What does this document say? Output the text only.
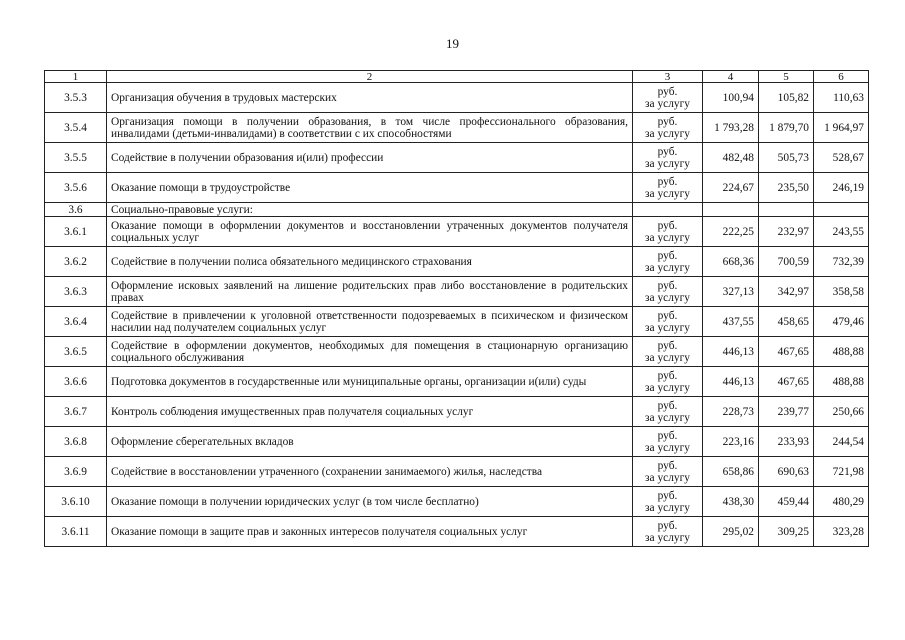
19
1	2	3	4	5	6
3.5.3	Организация обучения в трудовых мастерских	руб.
за услугу	100,94	105,82	110,63
3.5.4	Организация помощи в получении образования, в том числе профессионального образования, инвалидами (детьми-инвалидами) в соответствии с их способностями	руб.
за услугу	1 793,28	1 879,70	1 964,97
3.5.5	Содействие в получении образования и(или) профессии	руб.
за услугу	482,48	505,73	528,67
3.5.6	Оказание помощи в трудоустройстве	руб.
за услугу	224,67	235,50	246,19
3.6	Социально-правовые услуги:				
3.6.1	Оказание помощи в оформлении документов и восстановлении утраченных документов получателя социальных услуг	руб.
за услугу	222,25	232,97	243,55
3.6.2	Содействие в получении полиса обязательного медицинского страхования	руб.
за услугу	668,36	700,59	732,39
3.6.3	Оформление исковых заявлений на лишение родительских прав либо восстановление в родительских правах	руб.
за услугу	327,13	342,97	358,58
3.6.4	Содействие в привлечении к уголовной ответственности подозреваемых в психическом и физическом насилии над получателем социальных услуг	руб.
за услугу	437,55	458,65	479,46
3.6.5	Содействие в оформлении документов, необходимых для помещения в стационарную организацию социального обслуживания	руб.
за услугу	446,13	467,65	488,88
3.6.6	Подготовка документов в государственные или муниципальные органы, организации и(или) суды	руб.
за услугу	446,13	467,65	488,88
3.6.7	Контроль соблюдения имущественных прав получателя социальных услуг	руб.
за услугу	228,73	239,77	250,66
3.6.8	Оформление сберегательных вкладов	руб.
за услугу	223,16	233,93	244,54
3.6.9	Содействие в восстановлении утраченного (сохранении занимаемого) жилья, наследства	руб.
за услугу	658,86	690,63	721,98
3.6.10	Оказание помощи в получении юридических услуг (в том числе бесплатно)	руб.
за услугу	438,30	459,44	480,29
3.6.11	Оказание помощи в защите прав и законных интересов получателя социальных услуг	руб.
за услугу	295,02	309,25	323,28
